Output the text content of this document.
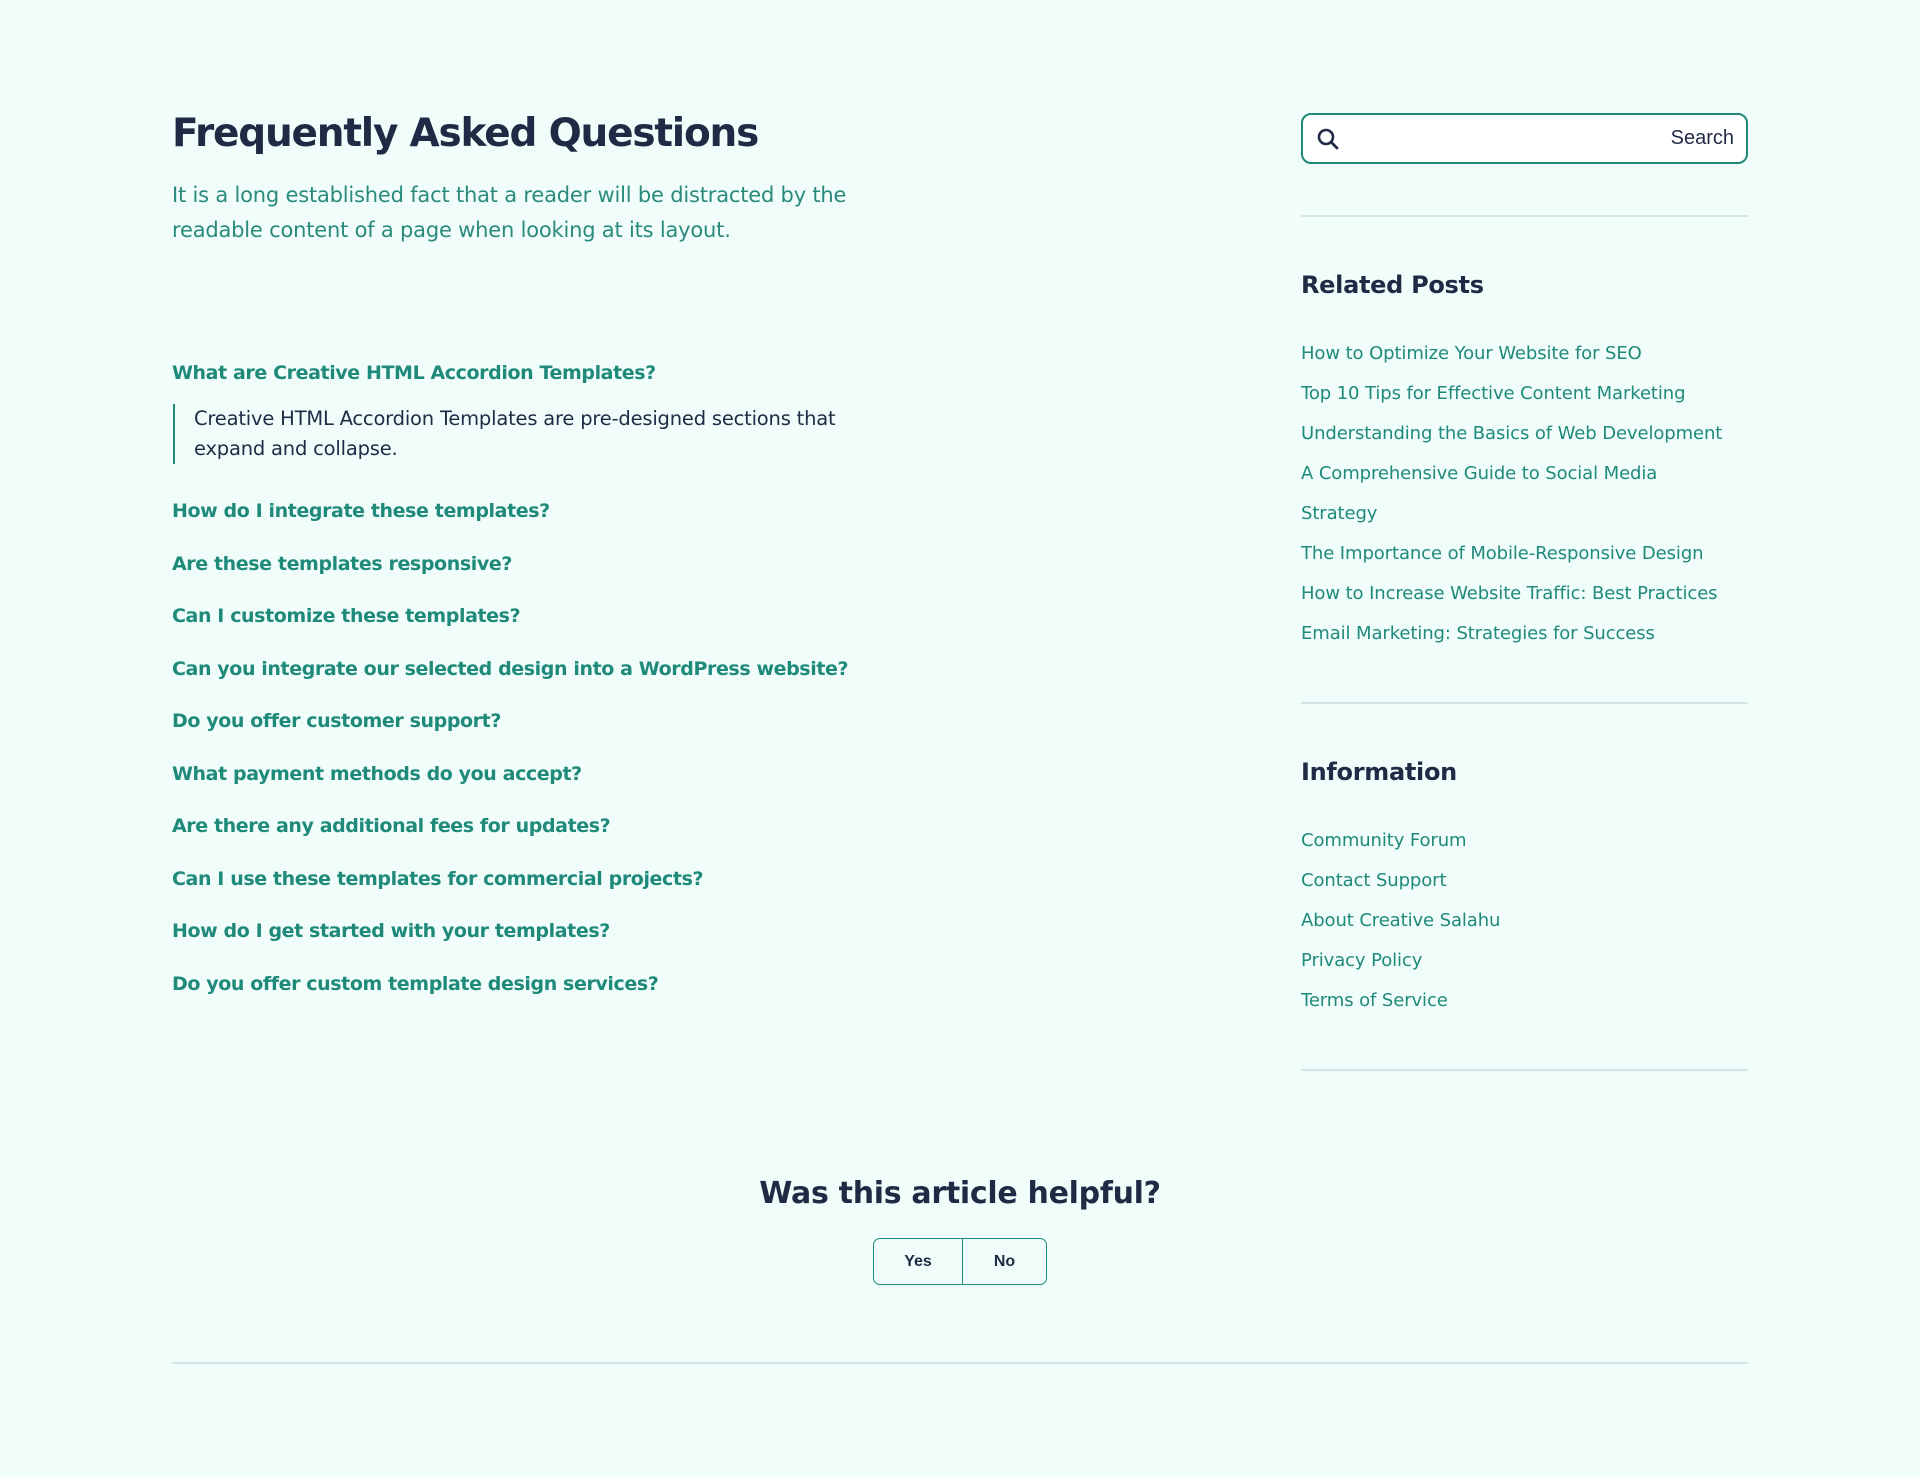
Frequently Asked Questions

It is a long established fact that a reader will be distracted by the readable content of a page when looking at its layout.

What are Creative HTML Accordion Templates?
Creative HTML Accordion Templates are pre-designed sections that expand and collapse.
How do I integrate these templates?
Are these templates responsive?
Can I customize these templates?
Can you integrate our selected design into a WordPress website?
Do you offer customer support?
What payment methods do you accept?
Are there any additional fees for updates?
Can I use these templates for commercial projects?
How do I get started with your templates?
Do you offer custom template design services?
Search
Related Posts
How to Optimize Your Website for SEO
Top 10 Tips for Effective Content Marketing
Understanding the Basics of Web Development
A Comprehensive Guide to Social Media Strategy
The Importance of Mobile-Responsive Design
How to Increase Website Traffic: Best Practices
Email Marketing: Strategies for Success
Information
Community Forum
Contact Support
About Creative Salahu
Privacy Policy
Terms of Service
Was this article helpful?
Yes	No
